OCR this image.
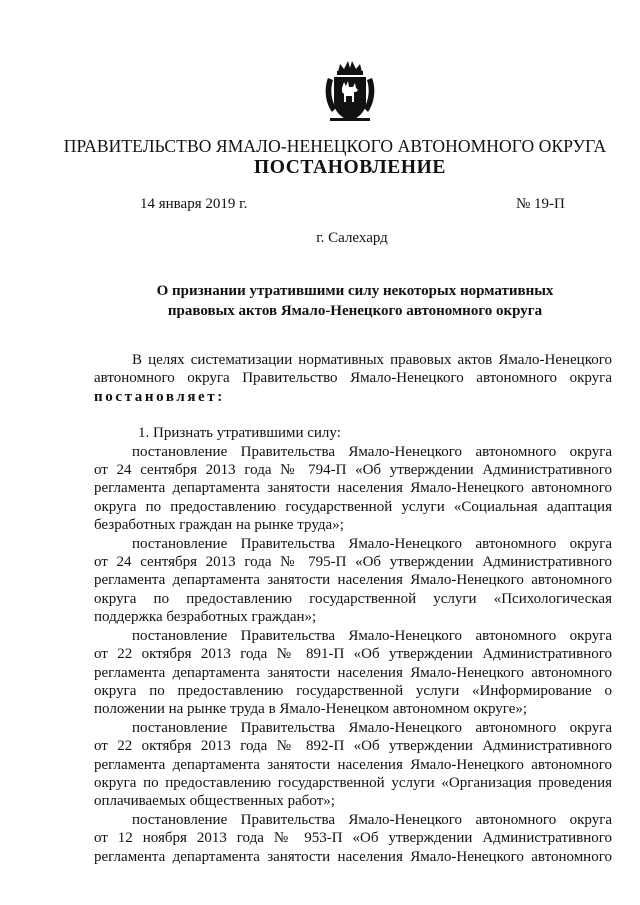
ПРАВИТЕЛЬСТВО ЯМАЛО-НЕНЕЦКОГО АВТОНОМНОГО ОКРУГА
ПОСТАНОВЛЕНИЕ
14 января 2019 г.	№ 19-П
г. Салехард
О признании утратившими силу некоторых нормативных
правовых актов Ямало-Ненецкого автономного округа
В целях систематизации нормативных правовых актов Ямало-Ненецкого
автономного округа Правительство Ямало-Ненецкого автономного округа
постановляет:
1. Признать утратившими силу:
постановление Правительства Ямало-Ненецкого автономного округа
от 24 сентября 2013 года № 794-П «Об утверждении Административного
регламента департамента занятости населения Ямало-Ненецкого автономного
округа по предоставлению государственной услуги «Социальная адаптация
безработных граждан на рынке труда»;
постановление Правительства Ямало-Ненецкого автономного округа
от 24 сентября 2013 года № 795-П «Об утверждении Административного
регламента департамента занятости населения Ямало-Ненецкого автономного
округа по предоставлению государственной услуги «Психологическая
поддержка безработных граждан»;
постановление Правительства Ямало-Ненецкого автономного округа
от 22 октября 2013 года № 891-П «Об утверждении Административного
регламента департамента занятости населения Ямало-Ненецкого автономного
округа по предоставлению государственной услуги «Информирование о
положении на рынке труда в Ямало-Ненецком автономном округе»;
постановление Правительства Ямало-Ненецкого автономного округа
от 22 октября 2013 года № 892-П «Об утверждении Административного
регламента департамента занятости населения Ямало-Ненецкого автономного
округа по предоставлению государственной услуги «Организация проведения
оплачиваемых общественных работ»;
постановление Правительства Ямало-Ненецкого автономного округа
от 12 ноября 2013 года № 953-П «Об утверждении Административного
регламента департамента занятости населения Ямало-Ненецкого автономного
